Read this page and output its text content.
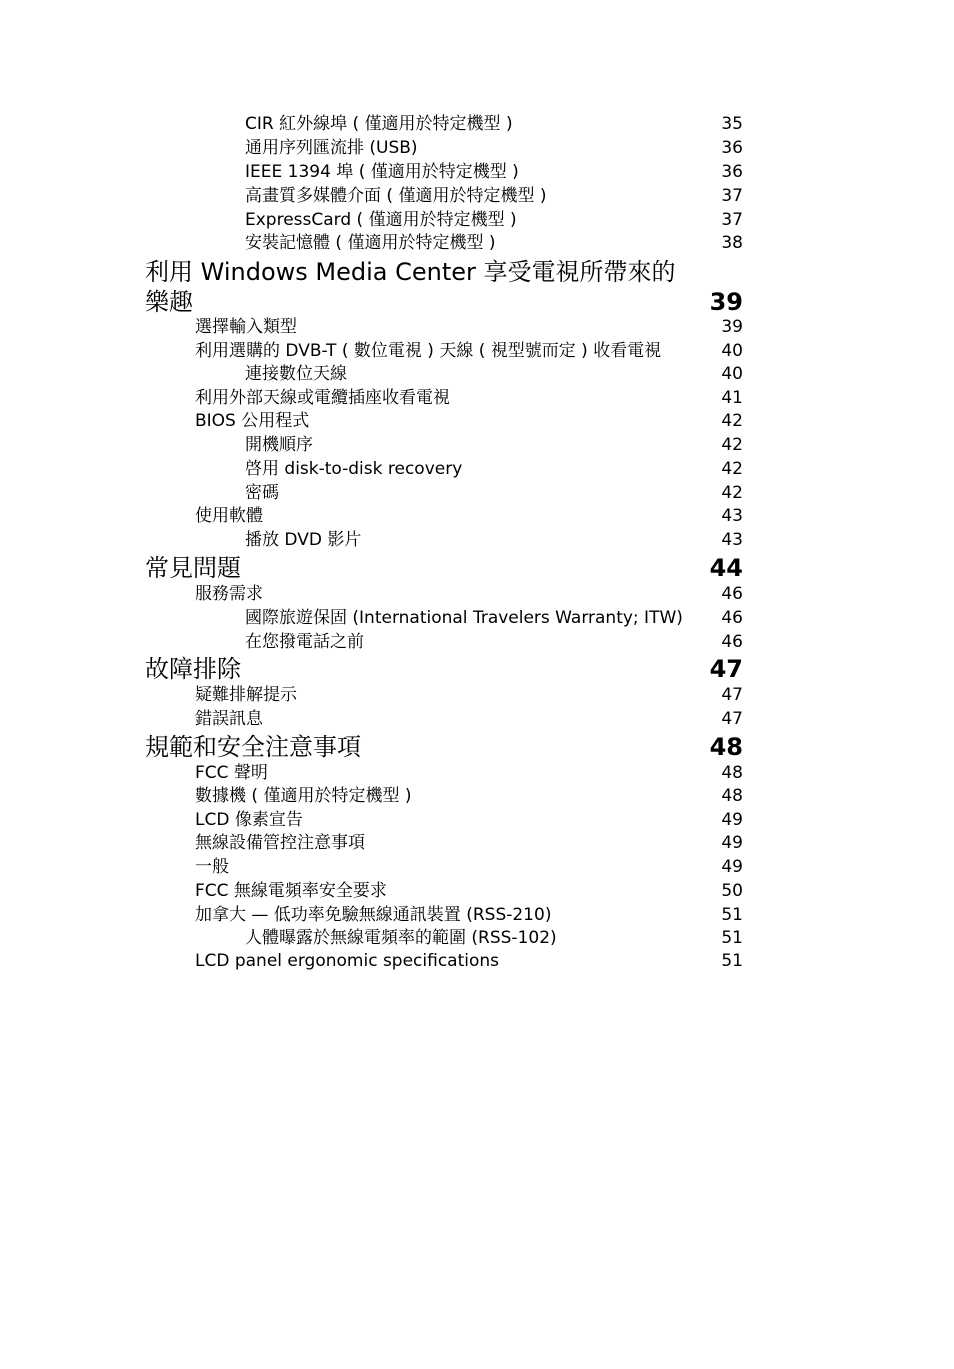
CIR 紅外線埠 ( 僅適用於特定機型 )	35
通用序列匯流排 (USB)	36
IEEE 1394 埠 ( 僅適用於特定機型 )	36
高畫質多媒體介面 ( 僅適用於特定機型 )	37
ExpressCard ( 僅適用於特定機型 )	37
安裝記憶體 ( 僅適用於特定機型 )	38
利用 Windows Media Center 享受電視所帶來的
樂趣	39
選擇輸入類型	39
利用選購的 DVB-T ( 數位電視 ) 天線 ( 視型號而定 ) 收看電視	40
連接數位天線	40
利用外部天線或電纜插座收看電視	41
BIOS 公用程式	42
開機順序	42
啓用 disk-to-disk recovery	42
密碼	42
使用軟體	43
播放 DVD 影片	43
常見問題	44
服務需求	46
國際旅遊保固 (International Travelers Warranty; ITW)	46
在您撥電話之前	46
故障排除	47
疑難排解提示	47
錯誤訊息	47
規範和安全注意事項	48
FCC 聲明	48
數據機 ( 僅適用於特定機型 )	48
LCD 像素宣告	49
無線設備管控注意事項	49
一般	49
FCC 無線電頻率安全要求	50
加拿大 — 低功率免驗無線通訊裝置 (RSS-210)	51
人體曝露於無線電頻率的範圍 (RSS-102)	51
LCD panel ergonomic specifications	51
